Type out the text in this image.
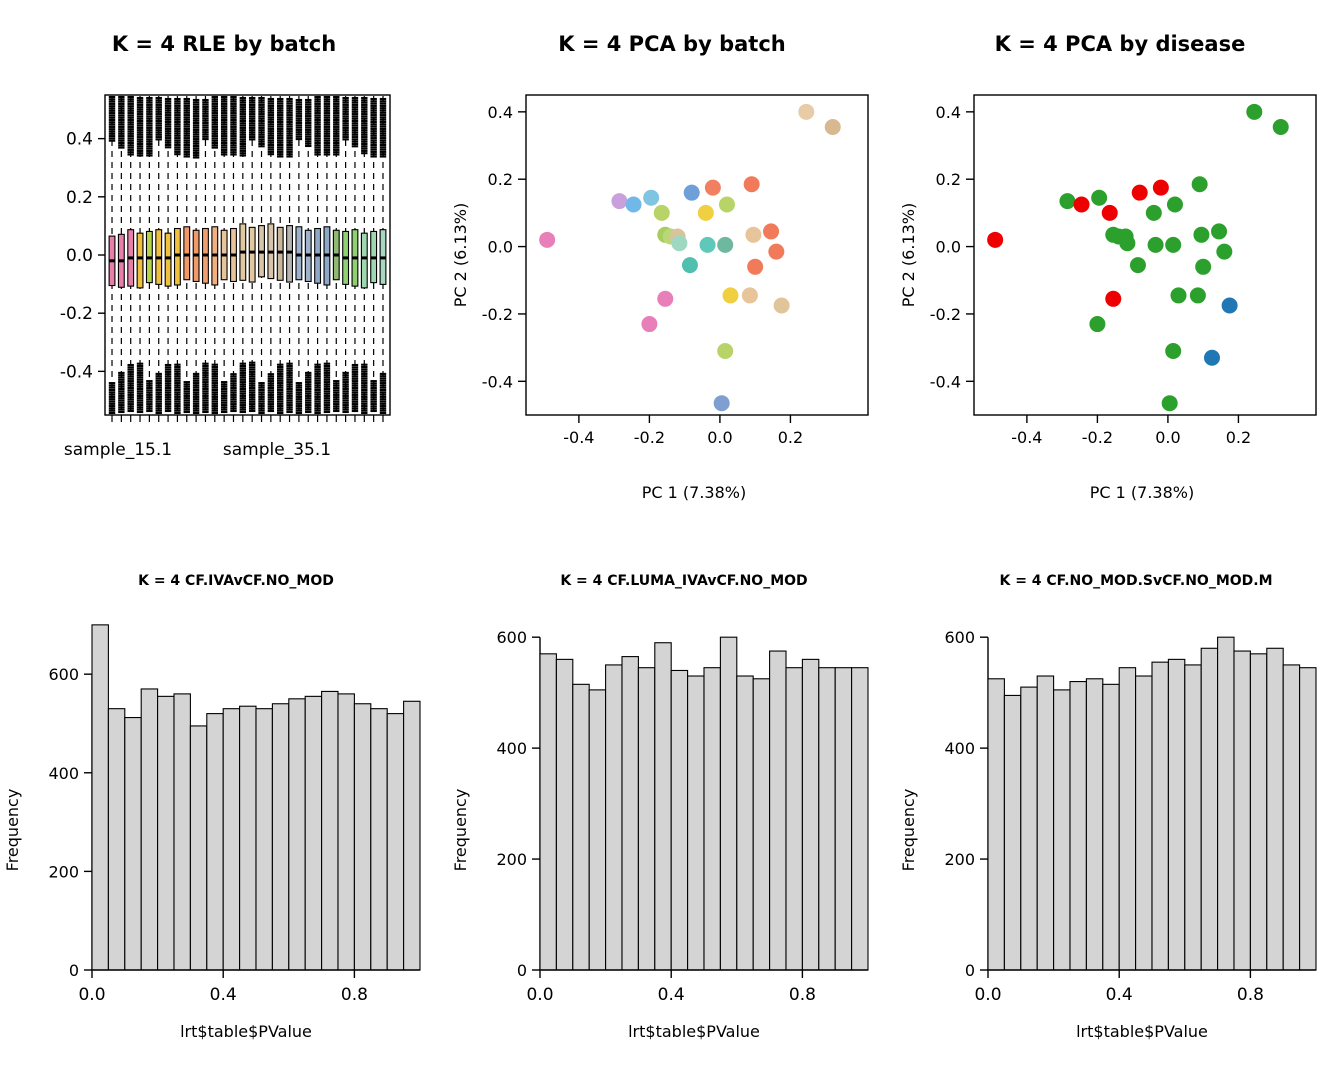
K = 4 RLE by batch
-0.4
-0.2
0.0
0.2
0.4
sample_15.1	sample_35.1
K = 4 PCA by batch
-0.4 -0.2	0.0	0.2
-0.4
-0.2
0.0
0.2
0.4
PC 1 (7.38%)
PC 2 (6.13%)
K = 4 PCA by disease
-0.4 -0.2	0.0	0.2
-0.4
-0.2
0.0
0.2
0.4
PC 1 (7.38%)
PC 2 (6.13%)
K = 4 CF.IVAvCF.NO_MOD
0
200
400
600
0.0	0.4	0.8
lrt$table$PValue
Frequency
K = 4 CF.LUMA_IVAvCF.NO_MOD
0
200
400
600
0.0	0.4	0.8
lrt$table$PValue
Frequency
K = 4 CF.NO_MOD.SvCF.NO_MOD.M
0
200
400
600
0.0	0.4	0.8
lrt$table$PValue
Frequency
